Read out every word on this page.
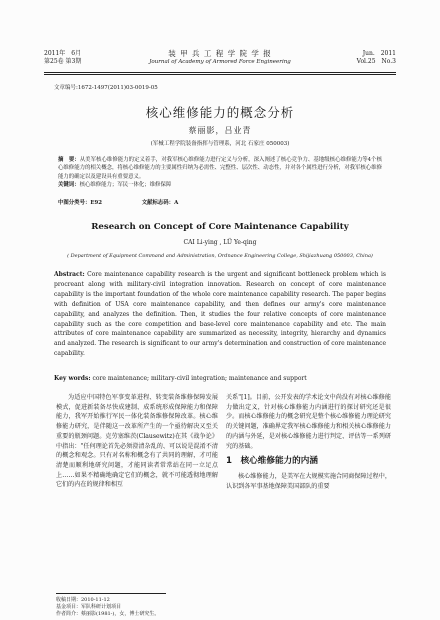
2011年　6月
第25卷 第3期
装 甲 兵 工 程 学 院 学 报
Journal of Academy of Armored Force Engineering
Jun.　2011
Vol.25　No.3
文章编号:1672-1497(2011)03-0019-05
核心维修能力的概念分析
蔡丽影，吕业青
(军械工程学院装备指挥与管理系，河北 石家庄 050003)
摘　要：从美军核心维修能力的定义着手，对我军核心维修能力进行定义与分析，深入阐述了核心竞争力、基地级核心维修能力等4个核心维修能力的相关概念，将核心维修能力的主要属性归纳为必需性、完整性、层次性、动态性，并对各个属性进行分析，对我军核心维修能力的确定以及建设具有重要意义。
关键词：核心维修能力；军民一体化；维修保障
中图分类号：E92	文献标志码：A
Research on Concept of Core Maintenance Capability
CAI Li-ying , LÜ Ye-qing
( Department of Equipment Command and Administration, Ordnance Engineering College, Shijiazhuang 050003, China)
Abstract: Core maintenance capability research is the urgent and significant bottleneck problem which is procreant along with military-civil integration innovation. Research on concept of core maintenance capability is the important foundation of the whole core maintenance capability research. The paper begins with definition of USA core maintenance capability, and then defines our army's core maintenance capability, and analyzes the definition. Then, it studies the four relative concepts of core maintenance capability such as the core competition and base-level core maintenance capability and etc. The main attributes of core maintenance capability are summarized as necessity, integrity, hierarchy and dynamics and analyzed. The research is significant to our army's determination and construction of core maintenance capability.
Key words: core maintenance; military-civil integration; maintenance and support
为适应中国特色军事变革进程、转变装备维修保障发展模式，促进新装备尽快成建制、成系统形成保障能力和保障能力，我军开始推行军民一体化装备维修保障改革。核心维修能力研究，是伴随这一改革所产生的一个亟待解决又至关重要的瓶颈问题。克劳塞维茨(Clausewitz)在其《战争论》中指出："任何理论首先必须澄清杂乱的、可以说是混淆不清的概念和观念。只有对名称和概念有了共同的理解，才可能清楚而顺利地研究问题，才能同读者常常站在同一立足点上……如果不精确地确定它们的概念，就不可能透彻地理解它们的内在的规律和相互
关系"[1]。目前，公开发表的学术论文中尚没有对核心维修能力做出定义，针对核心维修能力内涵进行的探讨研究还是很少。而核心维修能力的概念研究是整个核心维修能力理论研究的关键问题，准确界定我军核心维修能力和相关核心维修能力的内涵与外延，是对核心维修能力进行判定、评估等一系列研究的基础。
1　核心维修能力的内涵
核心维修能力，是美军在大规模实施合同商保障过程中，认识到各军事基地保障美国部队的重要
收稿日期：2010-11-12
基金项目：军队科研计划项目
作者简介：蔡丽影(1981-)，女，博士研究生。
